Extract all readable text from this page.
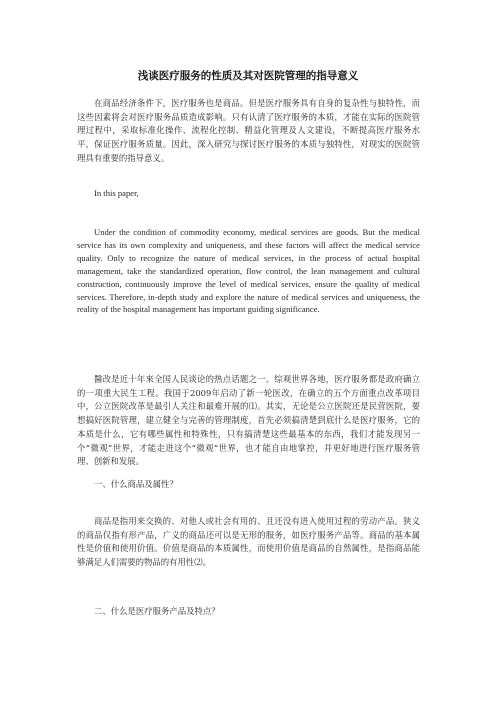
浅谈医疗服务的性质及其对医院管理的指导意义

在商品经济条件下，医疗服务也是商品。但是医疗服务具有自身的复杂性与独特性，而这些因素将会对医疗服务品质造成影响。只有认清了医疗服务的本质，才能在实际的医院管理过程中，采取标准化操作、流程化控制、精益化管理及人文建设，不断提高医疗服务水平，保证医疗服务质量。因此，深入研究与探讨医疗服务的本质与独特性，对现实的医院管理具有重要的指导意义。

In this paper,

Under the condition of commodity economy, medical services are goods. But the medical service has its own complexity and uniqueness, and these factors will affect the medical service quality. Only to recognize the nature of medical services, in the process of actual hospital management, take the standardized operation, flow control, the lean management and cultural construction, continuously improve the level of medical services, ensure the quality of medical services. Therefore, in-depth study and explore the nature of medical services and uniqueness, the reality of the hospital management has important guiding significance.

醫改是近十年來全国人民谈论的热点话题之一。综观世界各地，医疗服务都是政府确立的一项重大民生工程。我国于2009年启动了新一轮医改，在确立的五个方面重点改革项目中，公立医院改革是最引人关注和最难开展的⑴。其实，无论是公立医院还是民营医院，要想搞好医院管理，建立健全与完善的管理制度，首先必须搞清楚到底什么是医疗服务，它的本质是什么，它有哪些属性和特殊性，只有搞清楚这些最基本的东西，我们才能发现另一个“微观”世界，才能走进这个“微观”世界，也才能自由地掌控，并更好地进行医疗服务管理、创新和发展。

一、什么商品及属性？

商品是指用来交换的、对他人或社会有用的、且还没有进入使用过程的劳动产品。狭义的商品仅指有形产品，广义的商品还可以是无形的服务，如医疗服务产品等。商品的基本属性是价值和使用价值。价值是商品的本质属性，而使用价值是商品的自然属性，是指商品能够满足人们需要的物品的有用性⑵。

二、什么是医疗服务产品及特点？
